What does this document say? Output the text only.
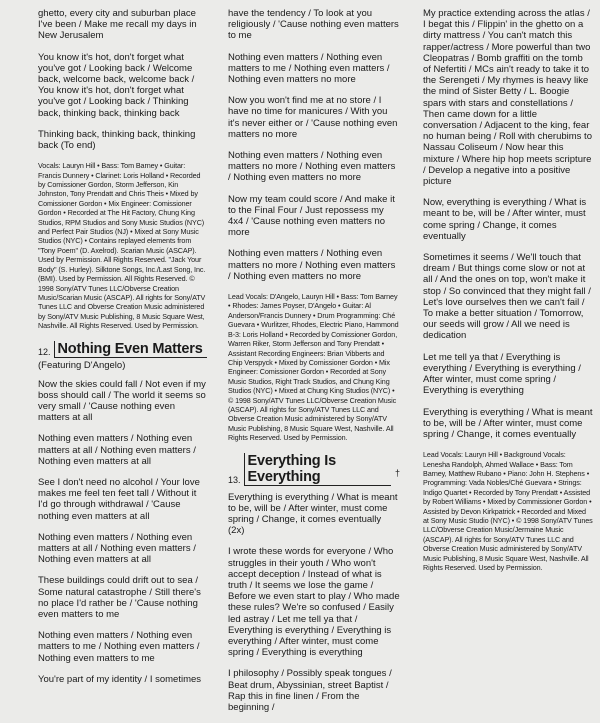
ghetto, every city and suburban place I've been / Make me recall my days in New Jerusalem

You know it's hot, don't forget what you've got / Looking back / Welcome back, welcome back, welcome back /
You know it's hot, don't forget what you've got / Looking back / Thinking back, thinking back, thinking back

Thinking back, thinking back, thinking back (To end)

Vocals: Lauryn Hill • Bass: Tom Barney • Guitar: Francis Dunnery • Clarinet: Loris Holland • Recorded by Comissioner Gordon, Storm Jefferson, Kin Johnston, Tony Prendatt and Chris Theis • Mixed by Comissioner Gordon • Mix Engineer: Comissioner Gordon • Recorded at The Hit Factory, Chung King Studios, RPM Studios and Sony Music Studios (NYC) and Perfect Pair Studios (NJ) • Mixed at Sony Music Studios (NYC) • Contains replayed elements from "Tony Poem" (D. Axelrod). Scarian Music (ASCAP). Used by Permission. All Rights Reserved. "Jack Your Body" (S. Hurley). Silktone Songs, Inc./Last Song, Inc. (BMI). Used by Permission. All Rights Reserved. © 1998 Sony/ATV Tunes LLC/Obverse Creation Music/Scarian Music (ASCAP). All rights for Sony/ATV Tunes LLC and Obverse Creation Music administered by Sony/ATV Music Publishing, 8 Music Square West, Nashville. All Rights Reserved. Used by Permission.

12. Nothing Even Matters

(Featuring D'Angelo)

Now the skies could fall / Not even if my boss should call / The world it seems so very small / 'Cause nothing even matters at all

Nothing even matters / Nothing even matters at all / Nothing even matters / Nothing even matters at all

See I don't need no alcohol / Your love makes me feel ten feet tall / Without it I'd go through withdrawal / 'Cause nothing even matters at all

Nothing even matters / Nothing even matters at all / Nothing even matters / Nothing even matters at all

These buildings could drift out to sea / Some natural catastrophe / Still there's no place I'd rather be / 'Cause nothing even matters to me

Nothing even matters / Nothing even matters to me / Nothing even matters / Nothing even matters to me

You're part of my identity / I sometimes

have the tendency / To look at you religiously / 'Cause nothing even matters to me

Nothing even matters / Nothing even matters to me / Nothing even matters / Nothing even matters no more

Now you won't find me at no store / I have no time for manicures / With you it's never either or / 'Cause nothing even matters no more

Nothing even matters / Nothing even matters no more / Nothing even matters / Nothing even matters no more

Now my team could score / And make it to the Final Four / Just repossess my 4x4 / 'Cause nothing even matters no more

Nothing even matters / Nothing even matters no more / Nothing even matters / Nothing even matters no more

Lead Vocals: D'Angelo, Lauryn Hill • Bass: Tom Barney • Rhodes: James Poyser, D'Angelo • Guitar: Al Anderson/Francis Dunnery • Drum Programming: Ché Guevara • Wurlitzer, Rhodes, Electric Piano, Hammond B-3: Loris Holland • Recorded by Comissioner Gordon, Warren Riker, Storm Jefferson and Tony Prendatt • Assistant Recording Engineers: Brian Vibberts and Chip Verspyck • Mixed by Comissioner Gordon • Mix Engineer: Comissioner Gordon • Recorded at Sony Music Studios, Right Track Studios, and Chung King Studios (NYC) • Mixed at Chung King Studios (NYC) • © 1998 Sony/ATV Tunes LLC/Obverse Creation Music (ASCAP). All rights for Sony/ATV Tunes LLC and Obverse Creation Music administered by Sony/ATV Music Publishing, 8 Music Square West, Nashville. All Rights Reserved. Used by Permission.

13.
Everything Is Everything	†

Everything is everything / What is meant to be, will be / After winter, must come spring / Change, it comes eventually (2x)

I wrote these words for everyone / Who struggles in their youth / Who won't accept deception / Instead of what is truth / It seems we lose the game / Before we even start to play / Who made these rules? We're so confused / Easily led astray / Let me tell ya that / Everything is everything / Everything is everything / After winter, must come spring / Everything is everything

I philosophy / Possibly speak tongues / Beat drum, Abyssinian, street Baptist / Rap this in fine linen / From the beginning /

My practice extending across the atlas / I begat this / Flippin' in the ghetto on a dirty mattress / You can't match this rapper/actress / More powerful than two Cleopatras / Bomb graffiti on the tomb of Nefertiti / MCs ain't ready to take it to the Serengeti / My rhymes is heavy like the mind of Sister Betty / L. Boogie spars with stars and constellations / Then came down for a little conversation / Adjacent to the king, fear no human being / Roll with cherubims to Nassau Coliseum / Now hear this mixture / Where hip hop meets scripture / Develop a negative into a positive picture

Now, everything is everything / What is meant to be, will be / After winter, must come spring / Change, it comes eventually

Sometimes it seems / We'll touch that dream / But things come slow or not at all / And the ones on top, won't make it stop / So convinced that they might fall / Let's love ourselves then we can't fail / To make a better situation / Tomorrow, our seeds will grow / All we need is dedication

Let me tell ya that / Everything is everything / Everything is everything / After winter, must come spring / Everything is everything

Everything is everything / What is meant to be, will be / After winter, must come spring / Change, it comes eventually

Lead Vocals: Lauryn Hill • Background Vocals: Lenesha Randolph, Ahmed Wallace • Bass: Tom Barney, Matthew Rubano • Piano: John H. Stephens • Programming: Vada Nobles/Ché Guevara • Strings: Indigo Quartet • Recorded by Tony Prendatt • Assisted by Robert Williams • Mixed by Commissioner Gordon • Assisted by Devon Kirkpatrick • Recorded and Mixed at Sony Music Studio (NYC) • © 1998 Sony/ATV Tunes LLC/Obverse Creation Music/Jermaine Music (ASCAP). All rights for Sony/ATV Tunes LLC and Obverse Creation Music administered by Sony/ATV Music Publishing, 8 Music Square West, Nashville. All Rights Reserved. Used by Permission.
